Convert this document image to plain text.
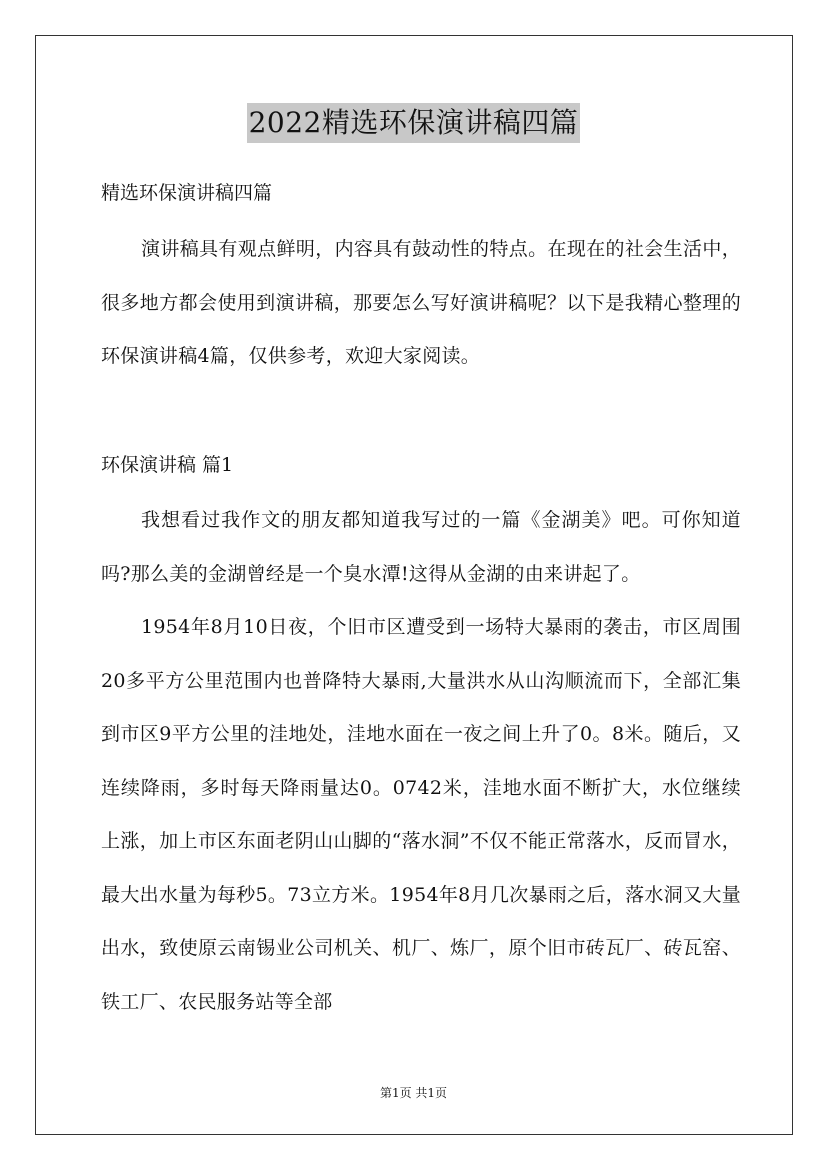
2022精选环保演讲稿四篇
精选环保演讲稿四篇

演讲稿具有观点鲜明，内容具有鼓动性的特点。在现在的社会生活中，很多地方都会使用到演讲稿，那要怎么写好演讲稿呢？以下是我精心整理的环保演讲稿4篇，仅供参考，欢迎大家阅读。

环保演讲稿 篇1

我想看过我作文的朋友都知道我写过的一篇《金湖美》吧。可你知道吗?那么美的金湖曾经是一个臭水潭!这得从金湖的由来讲起了。

1954年8月10日夜，个旧市区遭受到一场特大暴雨的袭击，市区周围20多平方公里范围内也普降特大暴雨,大量洪水从山沟顺流而下，全部汇集到市区9平方公里的洼地处，洼地水面在一夜之间上升了0。8米。随后，又连续降雨，多时每天降雨量达0。0742米，洼地水面不断扩大，水位继续上涨，加上市区东面老阴山山脚的“落水洞”不仅不能正常落水，反而冒水，最大出水量为每秒5。73立方米。1954年8月几次暴雨之后，落水洞又大量出水，致使原云南锡业公司机关、机厂、炼厂，原个旧市砖瓦厂、砖瓦窑、铁工厂、农民服务站等全部

第1页 共1页
